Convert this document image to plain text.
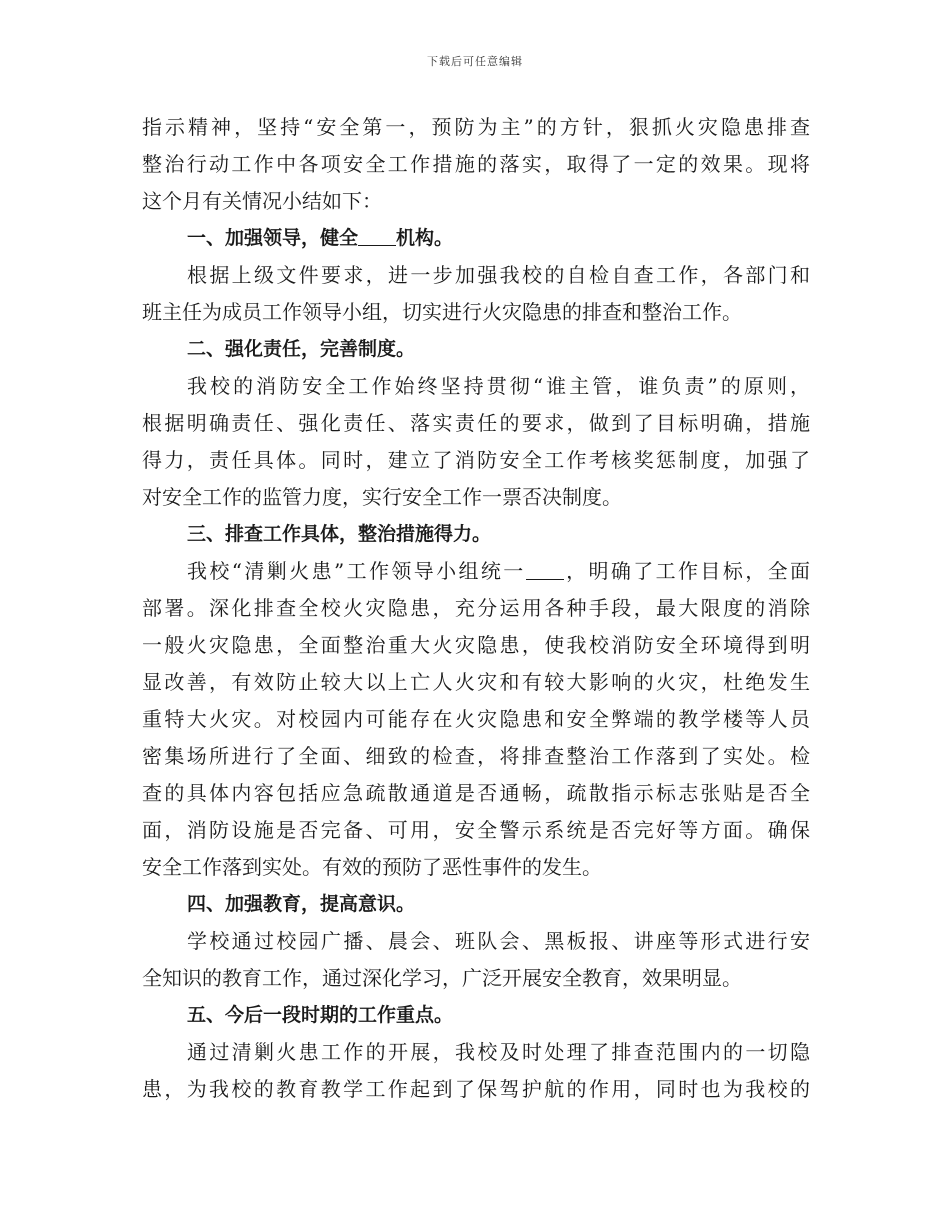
下载后可任意编辑
指示精神，坚持“安全第一，预防为主”的方针，狠抓火灾隐患排查
整治行动工作中各项安全工作措施的落实，取得了一定的效果。现将
这个月有关情况小结如下：
一、加强领导，健全 机构。
根据上级文件要求，进一步加强我校的自检自查工作，各部门和
班主任为成员工作领导小组，切实进行火灾隐患的排查和整治工作。
二、强化责任，完善制度。
我校的消防安全工作始终坚持贯彻“谁主管，谁负责”的原则，
根据明确责任、强化责任、落实责任的要求，做到了目标明确，措施
得力，责任具体。同时，建立了消防安全工作考核奖惩制度，加强了
对安全工作的监管力度，实行安全工作一票否决制度。
三、排查工作具体，整治措施得力。
我校“清剿火患”工作领导小组统一 ，明确了工作目标，全面
部署。深化排查全校火灾隐患，充分运用各种手段，最大限度的消除
一般火灾隐患，全面整治重大火灾隐患，使我校消防安全环境得到明
显改善，有效防止较大以上亡人火灾和有较大影响的火灾，杜绝发生
重特大火灾。对校园内可能存在火灾隐患和安全弊端的教学楼等人员
密集场所进行了全面、细致的检查，将排查整治工作落到了实处。检
查的具体内容包括应急疏散通道是否通畅，疏散指示标志张贴是否全
面，消防设施是否完备、可用，安全警示系统是否完好等方面。确保
安全工作落到实处。有效的预防了恶性事件的发生。
四、加强教育，提高意识。
学校通过校园广播、晨会、班队会、黑板报、讲座等形式进行安
全知识的教育工作，通过深化学习，广泛开展安全教育，效果明显。
五、今后一段时期的工作重点。
通过清剿火患工作的开展，我校及时处理了排查范围内的一切隐
患，为我校的教育教学工作起到了保驾护航的作用，同时也为我校的
